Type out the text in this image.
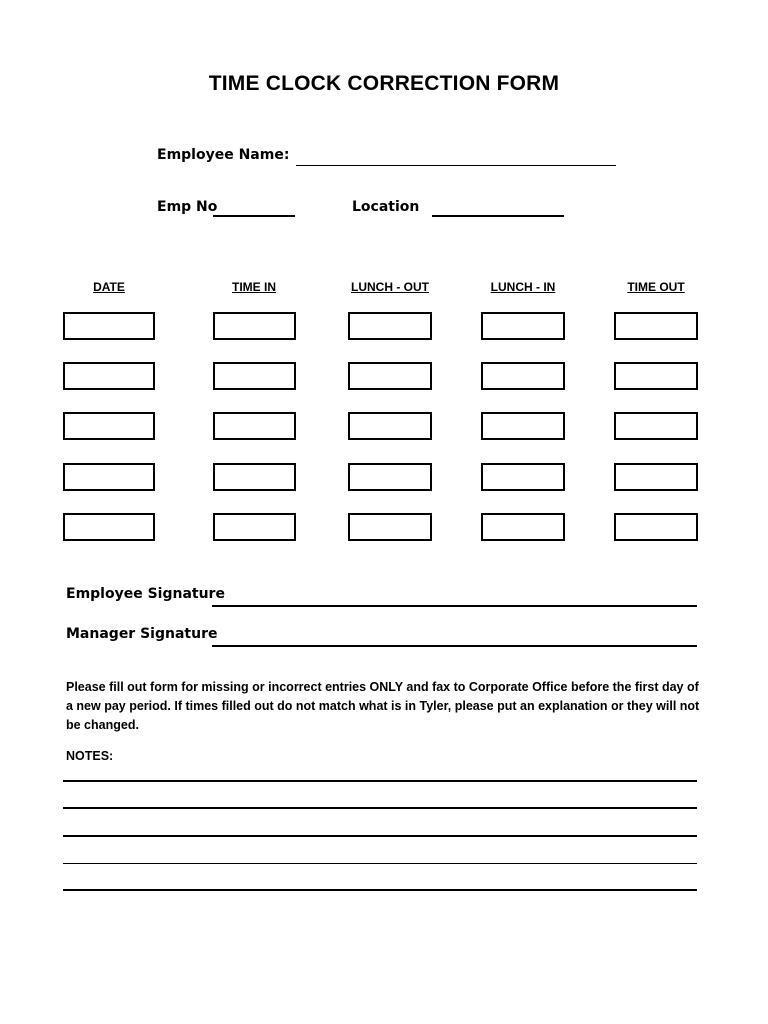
TIME CLOCK CORRECTION FORM
Employee Name:
Emp No	Location
DATE	TIME IN	LUNCH - OUT	LUNCH - IN	TIME OUT
Employee Signature
Manager Signature
Please fill out form for missing or incorrect entries ONLY and fax to Corporate Office before the first day of a new pay period. If times filled out do not match what is in Tyler, please put an explanation or they will not be changed.
NOTES:
